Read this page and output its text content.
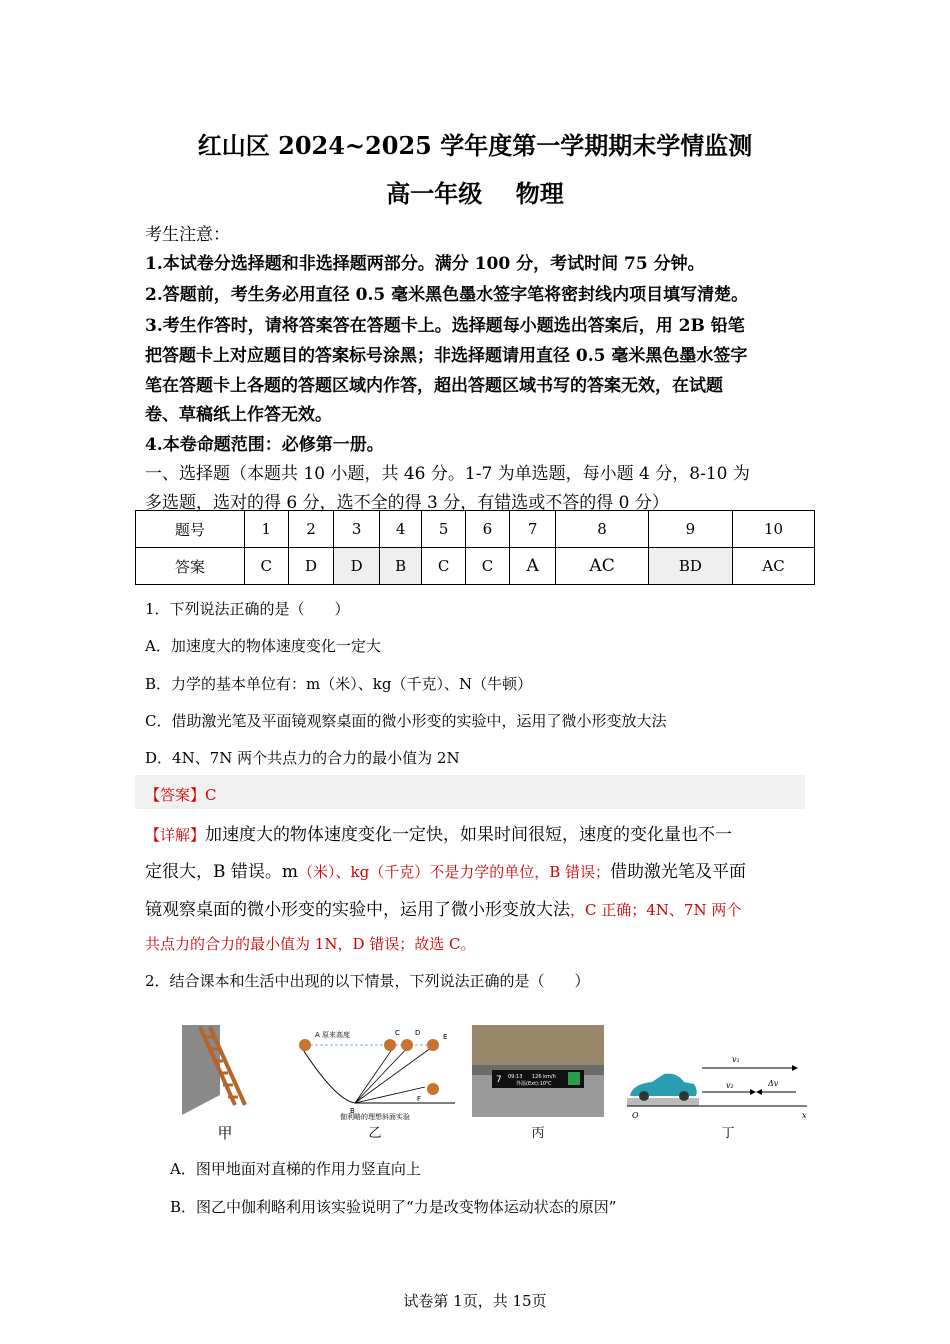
红山区 2024~2025 学年度第一学期期末学情监测
高一年级    物理
考生注意：
1.本试卷分选择题和非选择题两部分。满分 100 分，考试时间 75 分钟。
2.答题前，考生务必用直径 0.5 毫米黑色墨水签字笔将密封线内项目填写清楚。
3.考生作答时，请将答案答在答题卡上。选择题每小题选出答案后，用 2B 铅笔
把答题卡上对应题目的答案标号涂黑；非选择题请用直径 0.5 毫米黑色墨水签字
笔在答题卡上各题的答题区域内作答，超出答题区域书写的答案无效，在试题
卷、草稿纸上作答无效。
4.本卷命题范围：必修第一册。
一、选择题（本题共 10 小题，共 46 分。1-7 为单选题，每小题 4 分，8-10 为
多选题，选对的得 6 分，选不全的得 3 分，有错选或不答的得 0 分）
题号	1	2	3	4	5	6	7	8	9	10
答案	C	D	D	B	C	C	A	AC	BD	AC
1．下列说法正确的是（　　）
A．加速度大的物体速度变化一定大
B．力学的基本单位有：m（米）、kg（千克）、N（牛顿）
C．借助激光笔及平面镜观察桌面的微小形变的实验中，运用了微小形变放大法
D．4N、7N 两个共点力的合力的最小值为 2N
【答案】C
【详解】加速度大的物体速度变化一定快，如果时间很短，速度的变化量也不一
定很大，B 错误。m（米）、kg（千克）不是力学的单位，B 错误；借助激光笔及平面
镜观察桌面的微小形变的实验中，运用了微小形变放大法，C 正确；4N、7N 两个
共点力的合力的最小值为 1N，D 错误；故选 C。
2．结合课本和生活中出现的以下情景，下列说法正确的是（　　）
甲
A 原来高度
B
C D	E
F
伽利略的理想斜面实验
乙
7 09:13 126 km/h
外温(Ext):10℃
丙
v₁
v₂	Δv
O	x
丁
A．图甲地面对直梯的作用力竖直向上
B．图乙中伽利略利用该实验说明了“力是改变物体运动状态的原因”
试卷第 1页，共 15页
